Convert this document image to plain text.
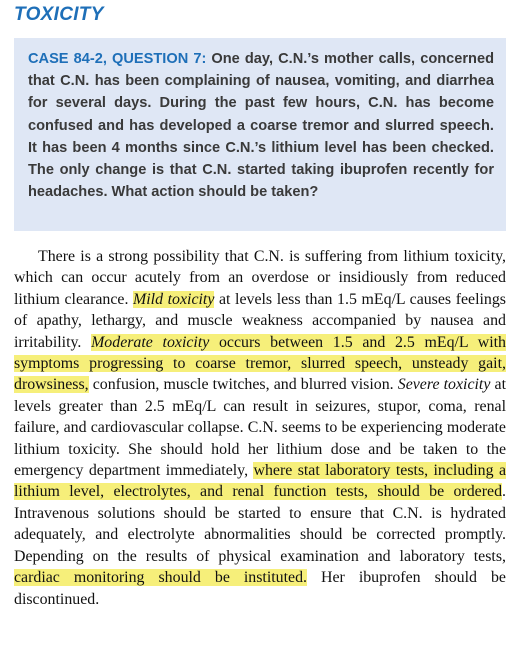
TOXICITY

CASE 84-2, QUESTION 7: One day, C.N.’s mother calls, concerned that C.N. has been complaining of nausea, vomiting, and diarrhea for several days. During the past few hours, C.N. has become confused and has developed a coarse tremor and slurred speech. It has been 4 months since C.N.’s lithium level has been checked. The only change is that C.N. started taking ibuprofen recently for headaches. What action should be taken?

There is a strong possibility that C.N. is suffering from lithium toxicity, which can occur acutely from an overdose or insidiously from reduced lithium clearance. Mild toxicity at levels less than 1.5 mEq/L causes feelings of apathy, lethargy, and muscle weakness accompanied by nausea and irritability. Moderate toxicity occurs between 1.5 and 2.5 mEq/L with symptoms progressing to coarse tremor, slurred speech, unsteady gait, drowsiness, confusion, muscle twitches, and blurred vision. Severe toxicity at levels greater than 2.5 mEq/L can result in seizures, stupor, coma, renal failure, and cardiovascular collapse. C.N. seems to be experiencing moderate lithium toxicity. She should hold her lithium dose and be taken to the emergency department immediately, where stat laboratory tests, including a lithium level, electrolytes, and renal function tests, should be ordered. Intravenous solutions should be started to ensure that C.N. is hydrated adequately, and electrolyte abnormalities should be corrected promptly. Depending on the results of physical examination and laboratory tests, cardiac monitoring should be instituted. Her ibuprofen should be discontinued.
